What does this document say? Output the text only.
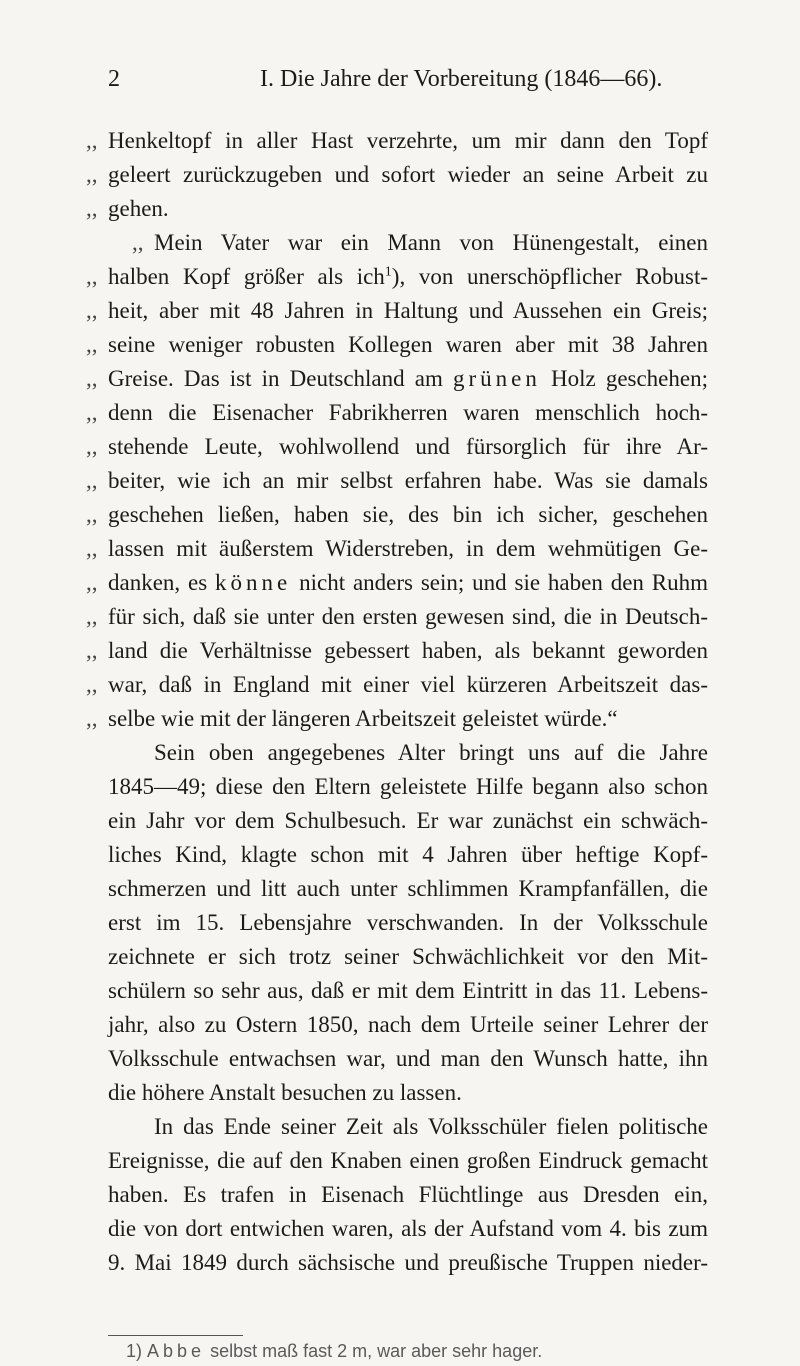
2	I. Die Jahre der Vorbereitung (1846—66).
,, Henkeltopf in aller Hast verzehrte, um mir dann den Topf
,, geleert zurückzugeben und sofort wieder an seine Arbeit zu
,, gehen.
,, Mein Vater war ein Mann von Hünengestalt, einen
,, halben Kopf größer als ich$^1$), von unerschöpflicher Robust-
,, heit, aber mit 48 Jahren in Haltung und Aussehen ein Greis;
,, seine weniger robusten Kollegen waren aber mit 38 Jahren
,, Greise. Das ist in Deutschland am grünen Holz geschehen;
,, denn die Eisenacher Fabrikherren waren menschlich hoch-
,, stehende Leute, wohlwollend und fürsorglich für ihre Ar-
,, beiter, wie ich an mir selbst erfahren habe. Was sie damals
,, geschehen ließen, haben sie, des bin ich sicher, geschehen
,, lassen mit äußerstem Widerstreben, in dem wehmütigen Ge-
,, danken, es könne nicht anders sein; und sie haben den Ruhm
,, für sich, daß sie unter den ersten gewesen sind, die in Deutsch-
,, land die Verhältnisse gebessert haben, als bekannt geworden
,, war, daß in England mit einer viel kürzeren Arbeitszeit das-
,, selbe wie mit der längeren Arbeitszeit geleistet würde.“
Sein oben angegebenes Alter bringt uns auf die Jahre
1845—49; diese den Eltern geleistete Hilfe begann also schon
ein Jahr vor dem Schulbesuch. Er war zunächst ein schwäch-
liches Kind, klagte schon mit 4 Jahren über heftige Kopf-
schmerzen und litt auch unter schlimmen Krampfanfällen, die
erst im 15. Lebensjahre verschwanden. In der Volksschule
zeichnete er sich trotz seiner Schwächlichkeit vor den Mit-
schülern so sehr aus, daß er mit dem Eintritt in das 11. Lebens-
jahr, also zu Ostern 1850, nach dem Urteile seiner Lehrer der
Volksschule entwachsen war, und man den Wunsch hatte, ihn
die höhere Anstalt besuchen zu lassen.
In das Ende seiner Zeit als Volksschüler fielen politische
Ereignisse, die auf den Knaben einen großen Eindruck gemacht
haben. Es trafen in Eisenach Flüchtlinge aus Dresden ein,
die von dort entwichen waren, als der Aufstand vom 4. bis zum
9. Mai 1849 durch sächsische und preußische Truppen nieder-
1) Abbe selbst maß fast 2 m, war aber sehr hager.
